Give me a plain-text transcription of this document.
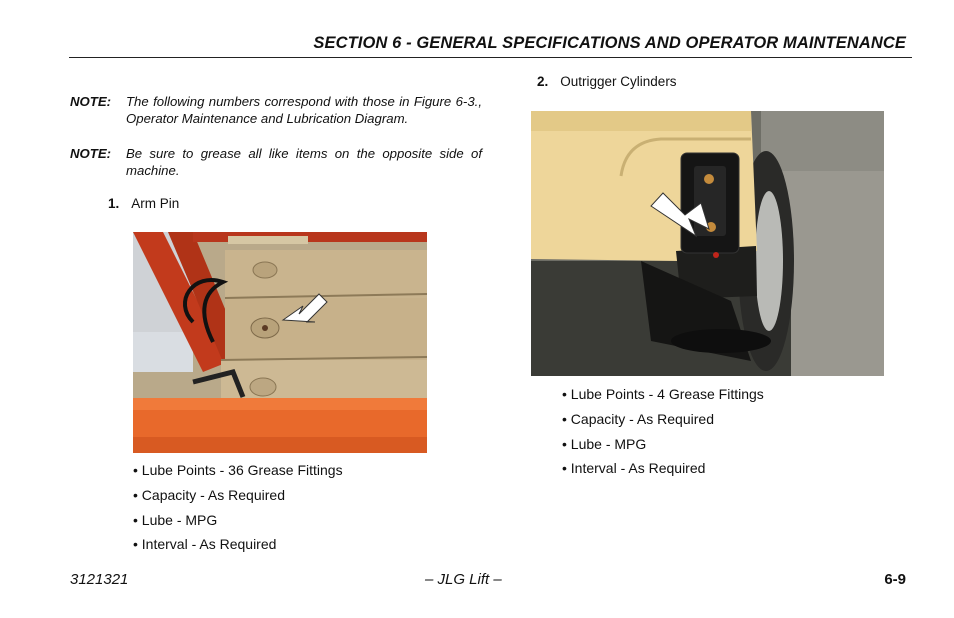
SECTION 6 - GENERAL SPECIFICATIONS AND OPERATOR MAINTENANCE
NOTE:	The following numbers correspond with those in Figure 6-3., Operator Maintenance and Lubrication Diagram.
NOTE:	Be sure to grease all like items on the opposite side of machine.
1. Arm Pin
• Lube Points - 36 Grease Fittings
• Capacity - As Required
• Lube - MPG
• Interval - As Required
2. Outrigger Cylinders
• Lube Points - 4 Grease Fittings
• Capacity - As Required
• Lube - MPG
• Interval - As Required
3121321	– JLG Lift –	6-9
